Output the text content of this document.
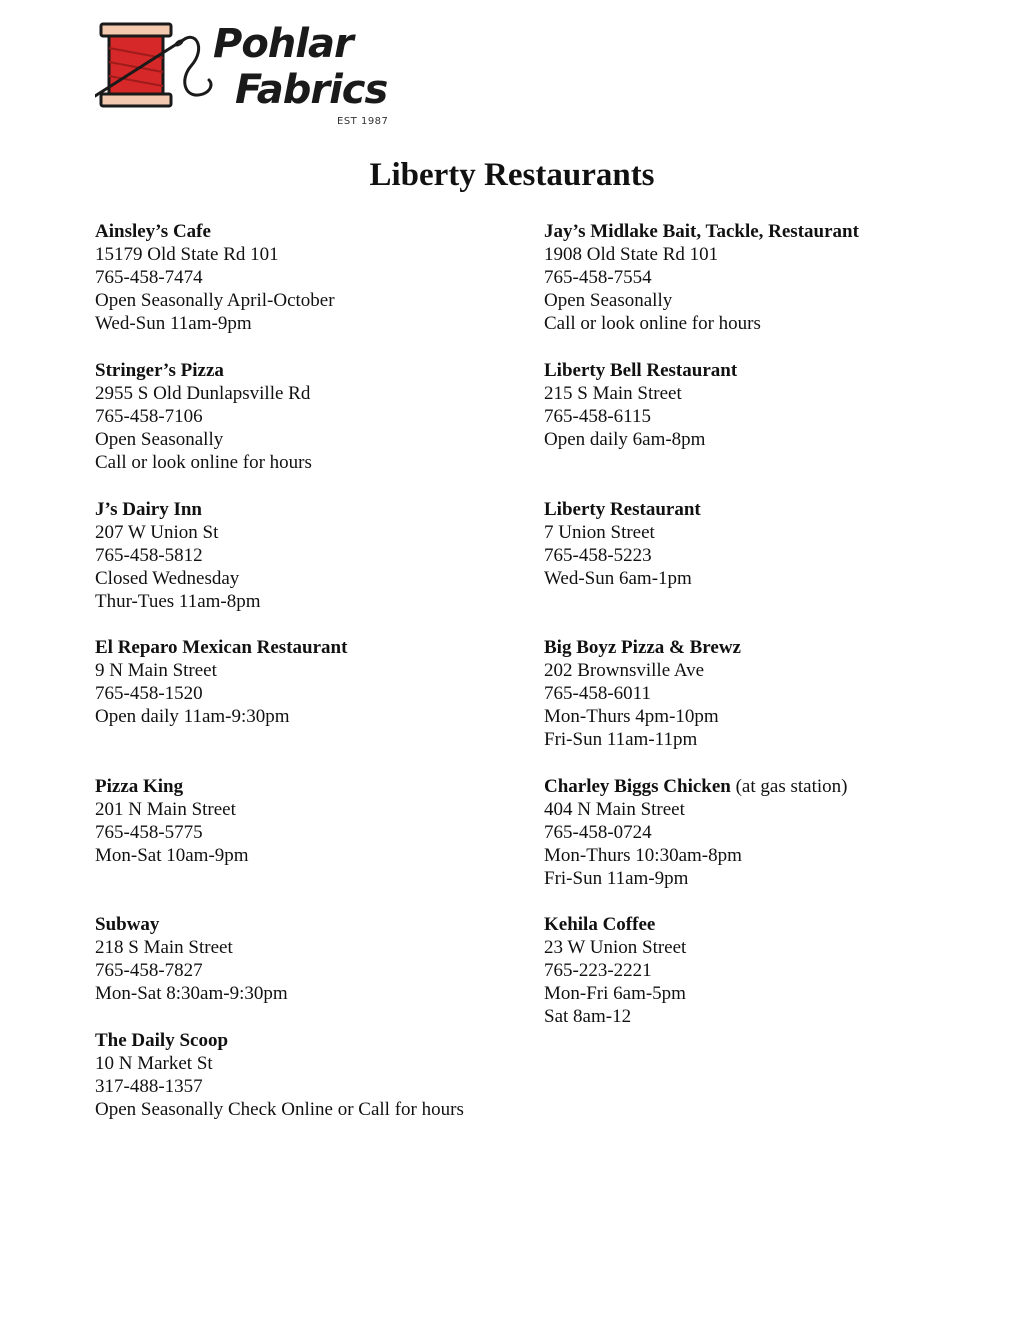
Pohlar
Fabrics
EST 1987
Liberty Restaurants
Ainsley’s Cafe
15179 Old State Rd 101
765-458-7474
Open Seasonally April-October
Wed-Sun 11am-9pm
Stringer’s Pizza
2955 S Old Dunlapsville Rd
765-458-7106
Open Seasonally
Call or look online for hours
J’s Dairy Inn
207 W Union St
765-458-5812
Closed Wednesday
Thur-Tues 11am-8pm
El Reparo Mexican Restaurant
9 N Main Street
765-458-1520
Open daily 11am-9:30pm
Pizza King
201 N Main Street
765-458-5775
Mon-Sat 10am-9pm
Subway
218 S Main Street
765-458-7827
Mon-Sat 8:30am-9:30pm
The Daily Scoop
10 N Market St
317-488-1357
Open Seasonally Check Online or Call for hours
Jay’s Midlake Bait, Tackle, Restaurant
1908 Old State Rd 101
765-458-7554
Open Seasonally
Call or look online for hours
Liberty Bell Restaurant
215 S Main Street
765-458-6115
Open daily 6am-8pm
Liberty Restaurant
7 Union Street
765-458-5223
Wed-Sun 6am-1pm
Big Boyz Pizza & Brewz
202 Brownsville Ave
765-458-6011
Mon-Thurs 4pm-10pm
Fri-Sun 11am-11pm
Charley Biggs Chicken (at gas station)
404 N Main Street
765-458-0724
Mon-Thurs 10:30am-8pm
Fri-Sun 11am-9pm
Kehila Coffee
23 W Union Street
765-223-2221
Mon-Fri 6am-5pm
Sat 8am-12
